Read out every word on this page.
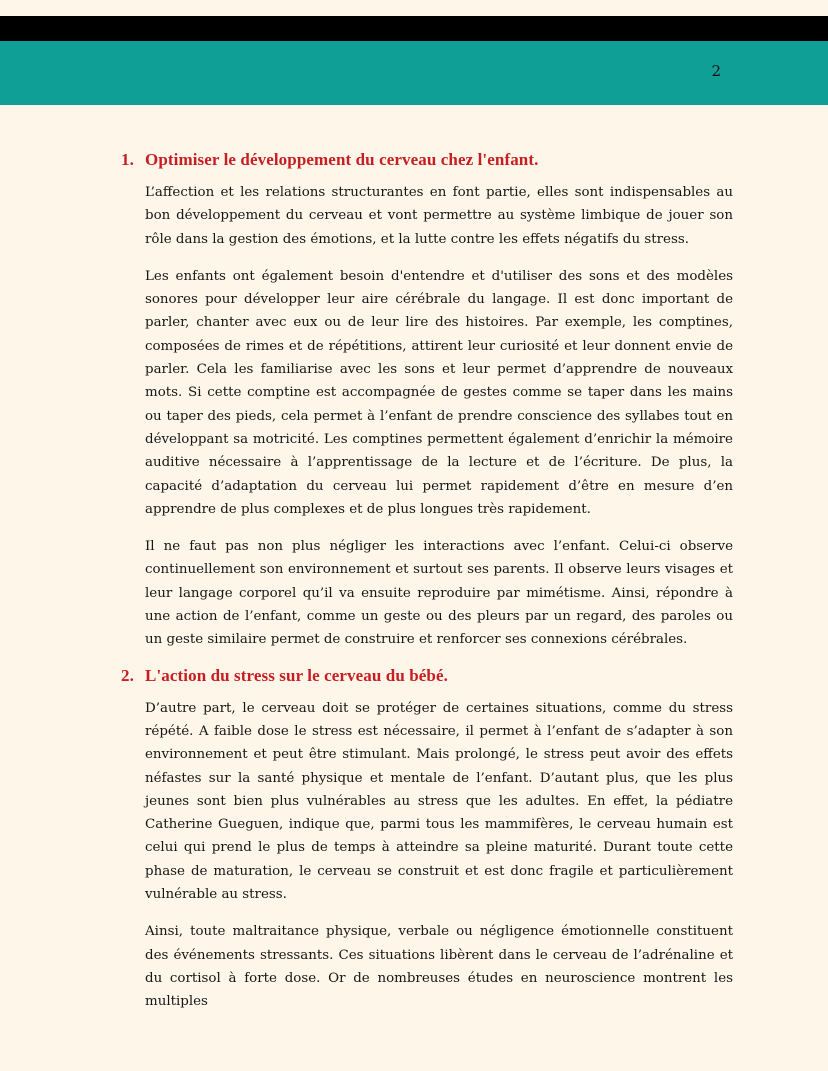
2
1. Optimiser le développement du cerveau chez l'enfant.

L’affection et les relations structurantes en font partie, elles sont indispensables au bon développement du cerveau et vont permettre au système limbique de jouer son rôle dans la gestion des émotions, et la lutte contre les effets négatifs du stress.

Les enfants ont également besoin d'entendre et d'utiliser des sons et des modèles sonores pour développer leur aire cérébrale du langage. Il est donc important de parler, chanter avec eux ou de leur lire des histoires. Par exemple, les comptines, composées de rimes et de répétitions, attirent leur curiosité et leur donnent envie de parler. Cela les familiarise avec les sons et leur permet d’apprendre de nouveaux mots. Si cette comptine est accompagnée de gestes comme se taper dans les mains ou taper des pieds, cela permet à l’enfant de prendre conscience des syllabes tout en développant sa motricité. Les comptines permettent également d’enrichir la mémoire auditive nécessaire à l’apprentissage de la lecture et de l’écriture. De plus, la capacité d’adaptation du cerveau lui permet rapidement d’être en mesure d’en apprendre de plus complexes et de plus longues très rapidement.

Il ne faut pas non plus négliger les interactions avec l’enfant. Celui-ci observe continuellement son environnement et surtout ses parents. Il observe leurs visages et leur langage corporel qu’il va ensuite reproduire par mimétisme. Ainsi, répondre à une action de l’enfant, comme un geste ou des pleurs par un regard, des paroles ou un geste similaire permet de construire et renforcer ses connexions cérébrales.

2. L'action du stress sur le cerveau du bébé.

D’autre part, le cerveau doit se protéger de certaines situations, comme du stress répété. A faible dose le stress est nécessaire, il permet à l’enfant de s’adapter à son environnement et peut être stimulant. Mais prolongé, le stress peut avoir des effets néfastes sur la santé physique et mentale de l’enfant. D’autant plus, que les plus jeunes sont bien plus vulnérables au stress que les adultes. En effet, la pédiatre Catherine Gueguen, indique que, parmi tous les mammifères, le cerveau humain est celui qui prend le plus de temps à atteindre sa pleine maturité. Durant toute cette phase de maturation, le cerveau se construit et est donc fragile et particulièrement vulnérable au stress.

Ainsi, toute maltraitance physique, verbale ou négligence émotionnelle constituent des événements stressants. Ces situations libèrent dans le cerveau de l’adrénaline et du cortisol à forte dose. Or de nombreuses études en neuroscience montrent les multiples
